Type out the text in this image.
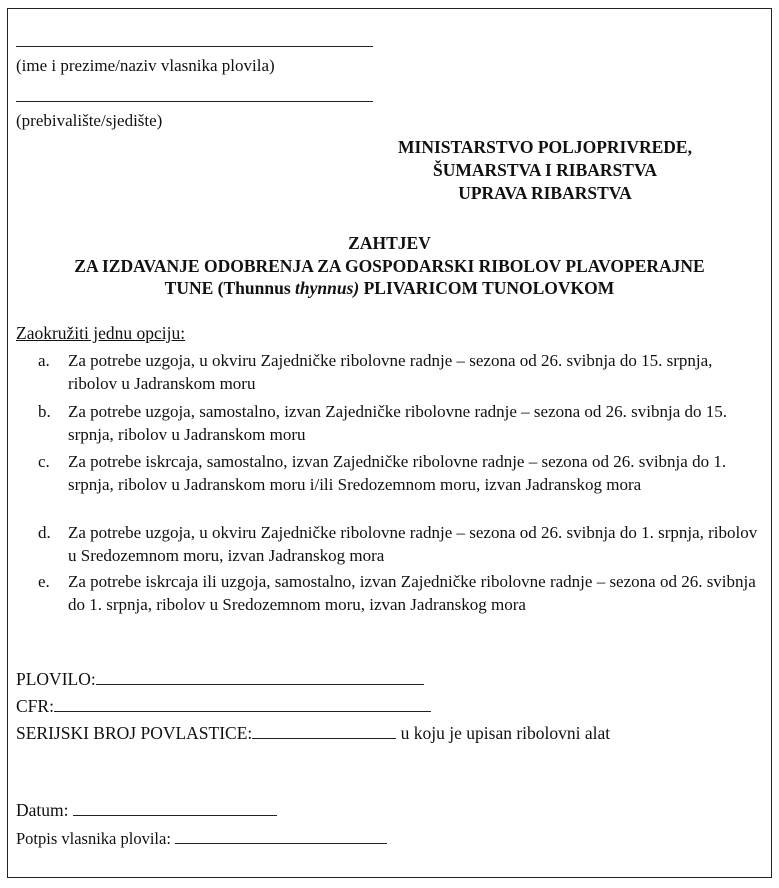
(ime i prezime/naziv vlasnika plovila)
(prebivalište/sjedište)
MINISTARSTVO POLJOPRIVREDE,
ŠUMARSTVA I RIBARSTVA
UPRAVA RIBARSTVA
ZAHTJEV
ZA IZDAVANJE ODOBRENJA ZA GOSPODARSKI RIBOLOV PLAVOPERAJNE
TUNE (Thunnus thynnus) PLIVARICOM TUNOLOVKOM
Zaokružiti jednu opciju:
a. Za potrebe uzgoja, u okviru Zajedničke ribolovne radnje – sezona od 26. svibnja do 15. srpnja, ribolov u Jadranskom moru
b. Za potrebe uzgoja, samostalno, izvan Zajedničke ribolovne radnje – sezona od 26. svibnja do 15. srpnja, ribolov u Jadranskom moru
c. Za potrebe iskrcaja, samostalno, izvan Zajedničke ribolovne radnje – sezona od 26. svibnja do 1. srpnja, ribolov u Jadranskom moru i/ili Sredozemnom moru, izvan Jadranskog mora
d. Za potrebe uzgoja, u okviru Zajedničke ribolovne radnje – sezona od 26. svibnja do 1. srpnja, ribolov u Sredozemnom moru, izvan Jadranskog mora
e. Za potrebe iskrcaja ili uzgoja, samostalno, izvan Zajedničke ribolovne radnje – sezona od 26. svibnja do 1. srpnja, ribolov u Sredozemnom moru, izvan Jadranskog mora
PLOVILO:
CFR:
SERIJSKI BROJ POVLASTICE:	u koju je upisan ribolovni alat
Datum:
Potpis vlasnika plovila:
